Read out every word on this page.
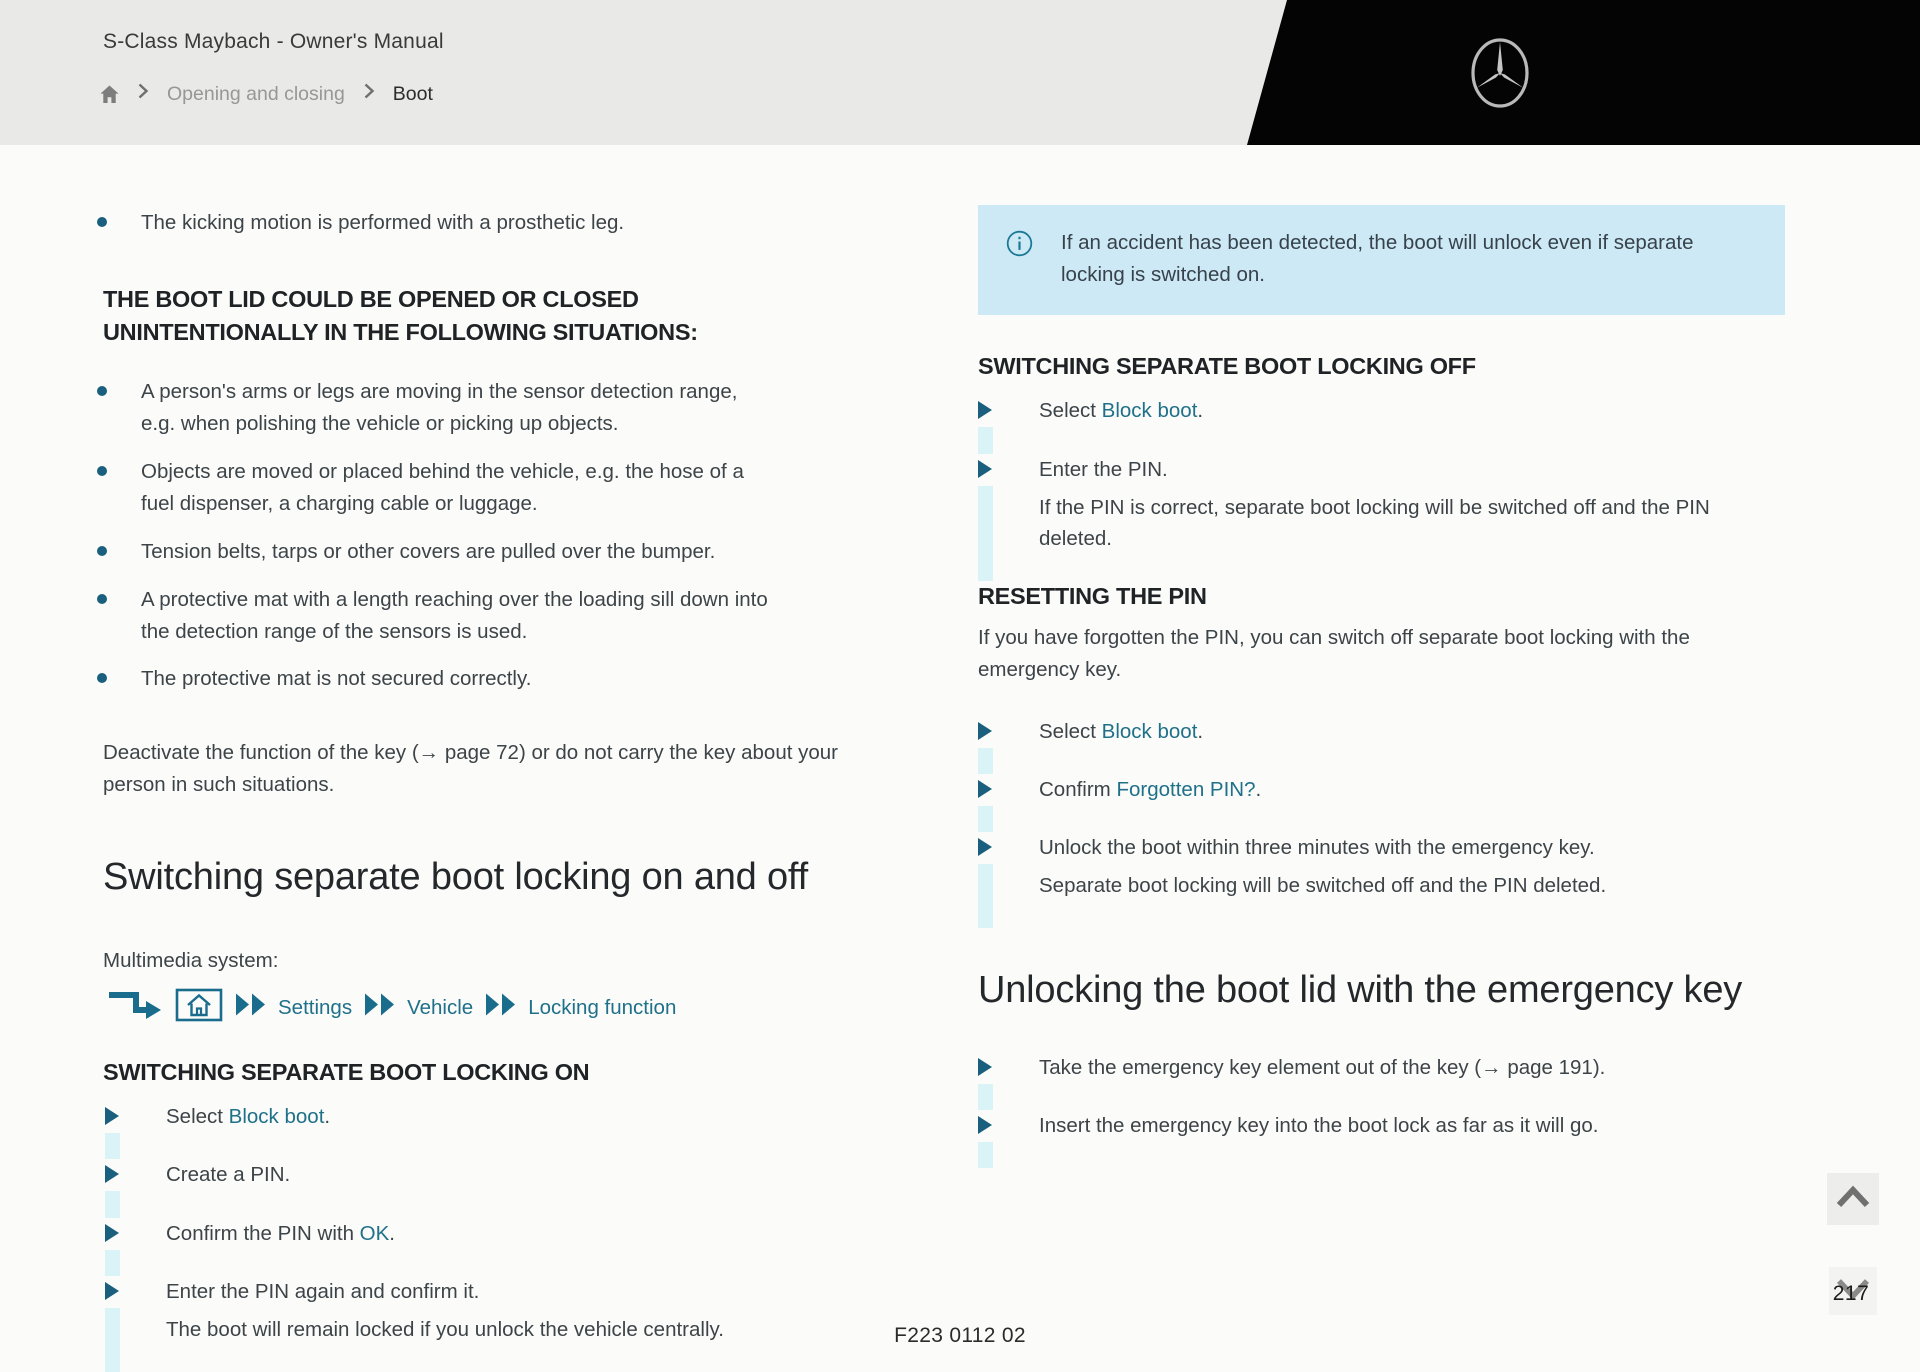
S-Class Maybach - Owner's Manual
Opening and closing Boot
The kicking motion is performed with a prosthetic leg.
THE BOOT LID COULD BE OPENED OR CLOSED UNINTENTIONALLY IN THE FOLLOWING SITUATIONS:
A person's arms or legs are moving in the sensor detection range, e.g. when polishing the vehicle or picking up objects.
Objects are moved or placed behind the vehicle, e.g. the hose of a fuel dispenser, a charging cable or luggage.
Tension belts, tarps or other covers are pulled over the bumper.
A protective mat with a length reaching over the loading sill down into the detection range of the sensors is used.
The protective mat is not secured correctly.
Deactivate the function of the key (→ page 72) or do not carry the key about your person in such situations.
Switching separate boot locking on and off
Multimedia system:
Settings	Vehicle	Locking function
SWITCHING SEPARATE BOOT LOCKING ON
Select Block boot.
Create a PIN.
Confirm the PIN with OK.
Enter the PIN again and confirm it.
The boot will remain locked if you unlock the vehicle centrally.
If an accident has been detected, the boot will unlock even if separate locking is switched on.
SWITCHING SEPARATE BOOT LOCKING OFF
Select Block boot.
Enter the PIN.
If the PIN is correct, separate boot locking will be switched off and the PIN deleted.
RESETTING THE PIN
If you have forgotten the PIN, you can switch off separate boot locking with the emergency key.
Select Block boot.
Confirm Forgotten PIN?.
Unlock the boot within three minutes with the emergency key.
Separate boot locking will be switched off and the PIN deleted.
Unlocking the boot lid with the emergency key
Take the emergency key element out of the key (→ page 191).
Insert the emergency key into the boot lock as far as it will go.
217
F223 0112 02
